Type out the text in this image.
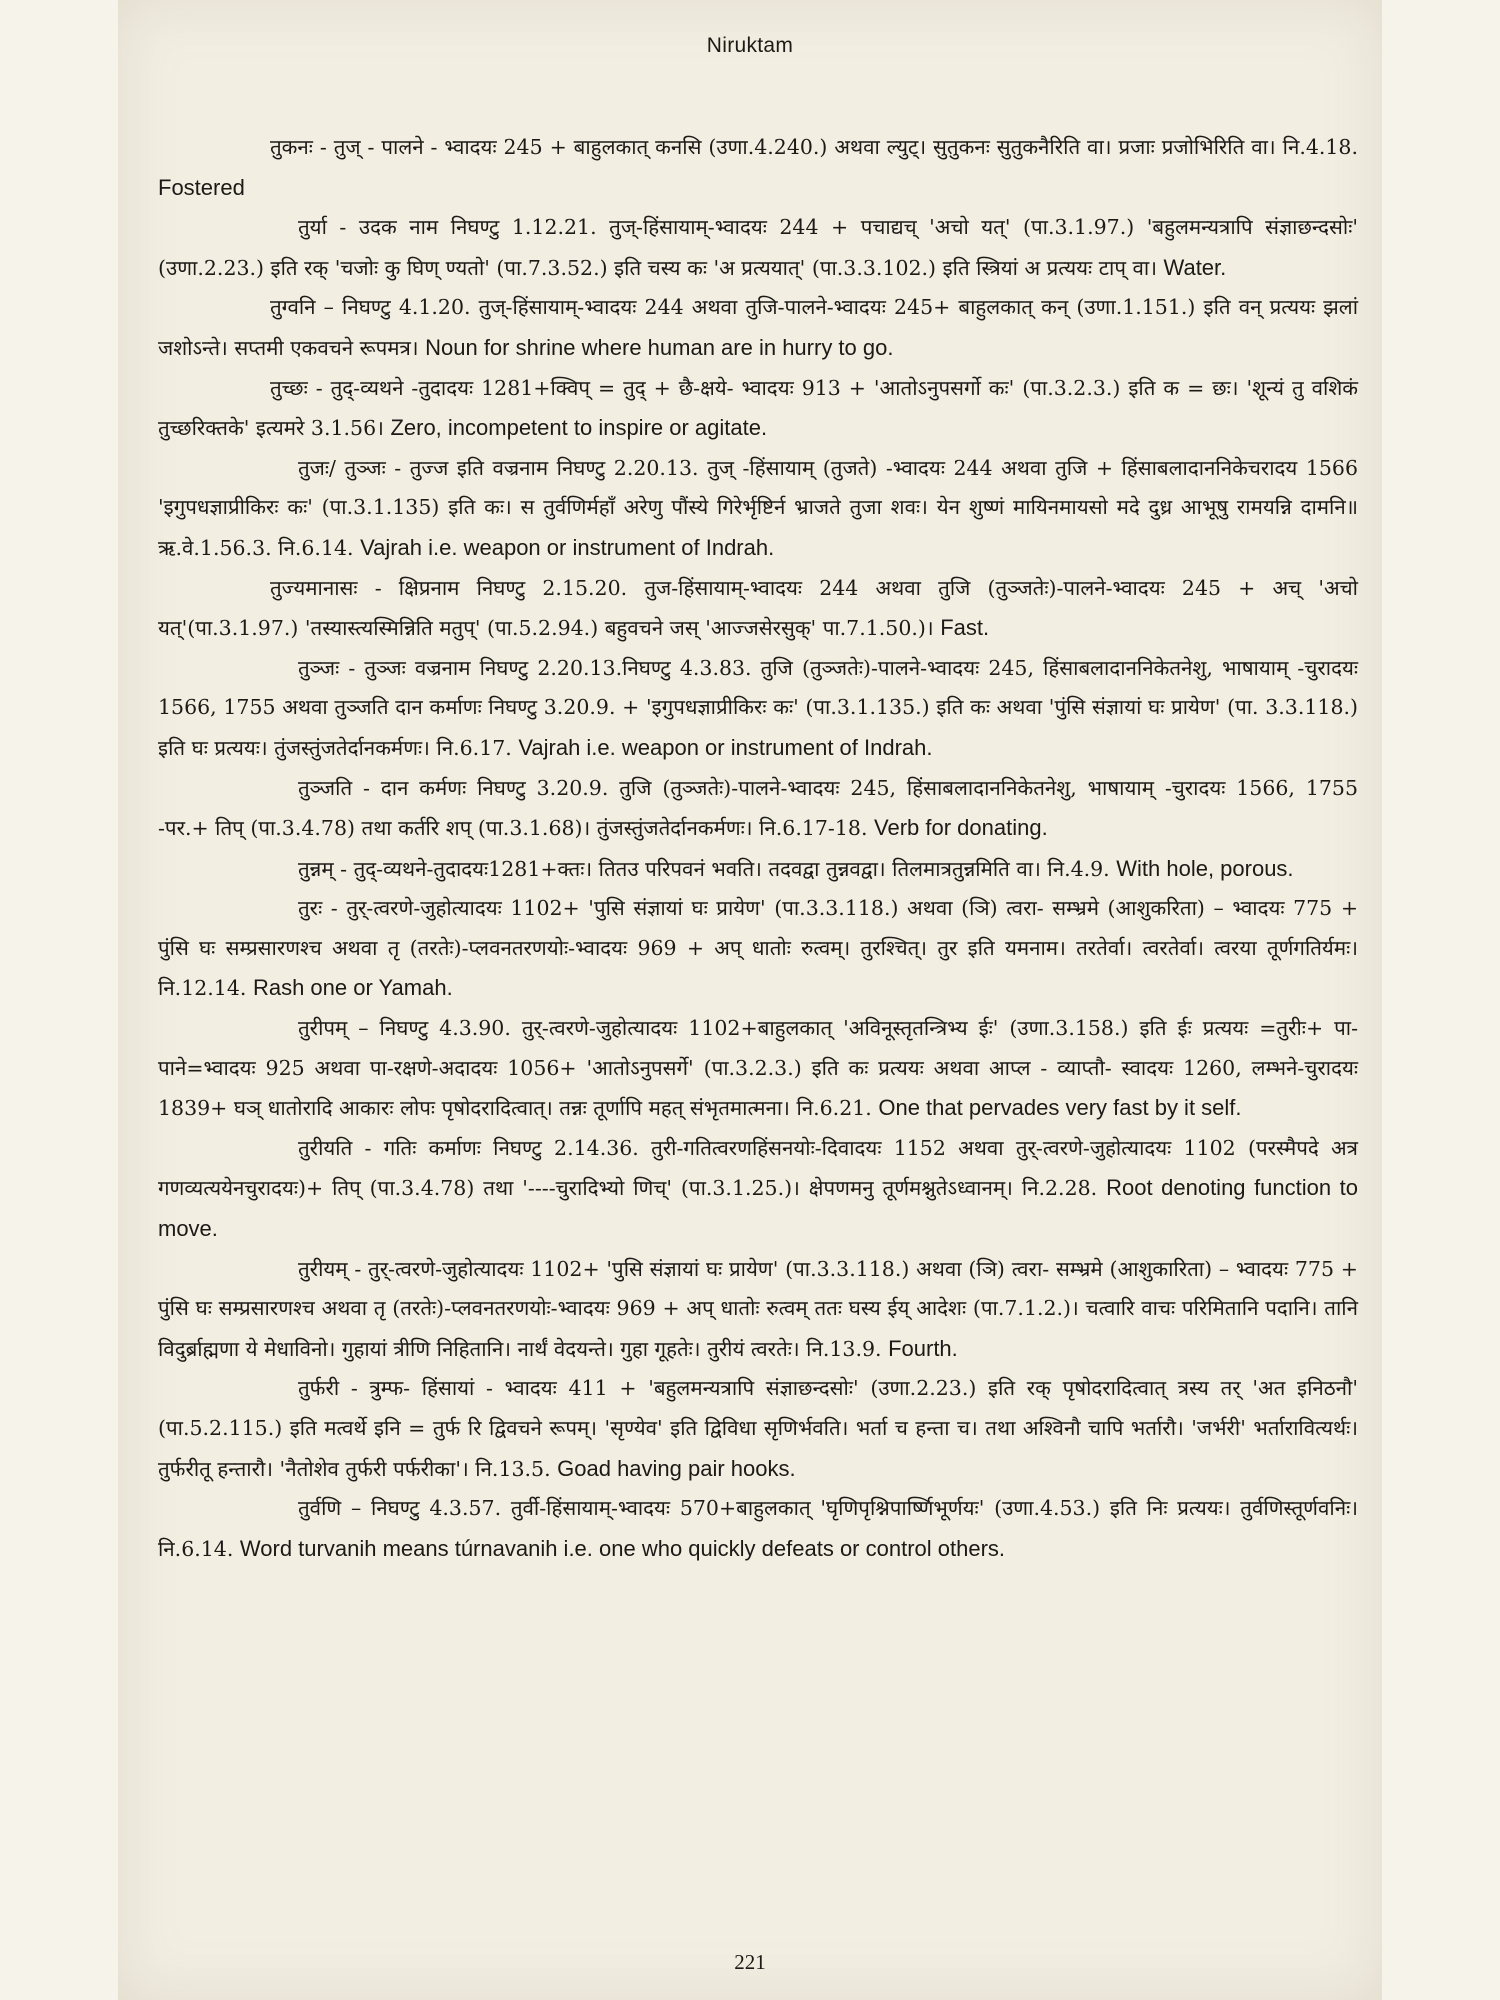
Niruktam

तुकनः - तुज् - पालने - भ्वादयः 245 + बाहुलकात् कनसि (उणा.4.240.) अथवा ल्युट्। सुतुकनः सुतुकनैरिति वा। प्रजाः प्रजोभिरिति वा। नि.4.18. Fostered

तुर्या - उदक नाम निघण्टु 1.12.21. तुज्-हिंसायाम्-भ्वादयः 244 + पचाद्यच् 'अचो यत्' (पा.3.1.97.) 'बहुलमन्यत्रापि संज्ञाछन्दसोः' (उणा.2.23.) इति रक् 'चजोः कु घिण् ण्यतो' (पा.7.3.52.) इति चस्य कः 'अ प्रत्ययात्' (पा.3.3.102.) इति स्त्रियां अ प्रत्ययः टाप् वा। Water.

तुग्वनि – निघण्टु 4.1.20. तुज्-हिंसायाम्-भ्वादयः 244 अथवा तुजि-पालने-भ्वादयः 245+ बाहुलकात् कन् (उणा.1.151.) इति वन् प्रत्ययः झलां जशोऽन्ते। सप्तमी एकवचने रूपमत्र। Noun for shrine where human are in hurry to go.

तुच्छः - तुद्-व्यथने -तुदादयः 1281+क्विप् = तुद् + छै-क्षये- भ्वादयः 913 + 'आतोऽनुपसर्गो कः' (पा.3.2.3.) इति क = छः। 'शून्यं तु वशिकं तुच्छरिक्तके' इत्यमरे 3.1.56। Zero, incompetent to inspire or agitate.

तुजः/ तुञ्जः - तुज्ज इति वज्रनाम निघण्टु 2.20.13. तुज् -हिंसायाम् (तुजते) -भ्वादयः 244 अथवा तुजि + हिंसाबलादाननिकेचरादय 1566 'इगुपधज्ञाप्रीकिरः कः' (पा.3.1.135) इति कः। स तुर्वणिर्महाँ अरेणु पौंस्ये गिरेर्भृष्टिर्न भ्राजते तुजा शवः। येन शुष्णं मायिनमायसो मदे दुध्र आभूषु रामयन्नि दामनि॥ ऋ.वे.1.56.3. नि.6.14. Vajrah i.e. weapon or instrument of Indrah.

तुज्यमानासः - क्षिप्रनाम निघण्टु 2.15.20. तुज-हिंसायाम्-भ्वादयः 244 अथवा तुजि (तुञ्जतेः)-पालने-भ्वादयः 245 + अच् 'अचो यत्'(पा.3.1.97.) 'तस्यास्त्यस्मिन्निति मतुप्' (पा.5.2.94.) बहुवचने जस् 'आज्जसेरसुक्' पा.7.1.50.)। Fast.

तुञ्जः - तुञ्जः वज्रनाम निघण्टु 2.20.13.निघण्टु 4.3.83. तुजि (तुञ्जतेः)-पालने-भ्वादयः 245, हिंसाबलादाननिकेतनेशु, भाषायाम् -चुरादयः 1566, 1755 अथवा तुञ्जति दान कर्माणः निघण्टु 3.20.9. + 'इगुपधज्ञाप्रीकिरः कः' (पा.3.1.135.) इति कः अथवा 'पुंसि संज्ञायां घः प्रायेण' (पा. 3.3.118.) इति घः प्रत्ययः। तुंजस्तुंजतेर्दानकर्मणः। नि.6.17. Vajrah i.e. weapon or instrument of Indrah.

तुञ्जति - दान कर्मणः निघण्टु 3.20.9. तुजि (तुञ्जतेः)-पालने-भ्वादयः 245, हिंसाबलादाननिकेतनेशु, भाषायाम् -चुरादयः 1566, 1755 -पर.+ तिप् (पा.3.4.78) तथा कर्तरि शप् (पा.3.1.68)। तुंजस्तुंजतेर्दानकर्मणः। नि.6.17-18. Verb for donating.

तुन्नम् - तुद्-व्यथने-तुदादयः1281+क्तः। तितउ परिपवनं भवति। तदवद्वा तुन्नवद्वा। तिलमात्रतुन्नमिति वा। नि.4.9. With hole, porous.

तुरः - तुर्-त्वरणे-जुहोत्यादयः 1102+ 'पुसि संज्ञायां घः प्रायेण' (पा.3.3.118.) अथवा (ञि) त्वरा- सम्भ्रमे (आशुकरिता) – भ्वादयः 775 + पुंसि घः सम्प्रसारणश्च अथवा तृ (तरतेः)-प्लवनतरणयोः-भ्वादयः 969 + अप् धातोः रुत्वम्। तुरश्चित्। तुर इति यमनाम। तरतेर्वा। त्वरतेर्वा। त्वरया तूर्णगतिर्यमः। नि.12.14. Rash one or Yamah.

तुरीपम् – निघण्टु 4.3.90. तुर्-त्वरणे-जुहोत्यादयः 1102+बाहुलकात् 'अविनूस्तृतन्त्रिभ्य ईः' (उणा.3.158.) इति ईः प्रत्ययः =तुरीः+ पा-पाने=भ्वादयः 925 अथवा पा-रक्षणे-अदादयः 1056+ 'आतोऽनुपसर्गे' (पा.3.2.3.) इति कः प्रत्ययः अथवा आप्ल - व्याप्तौ- स्वादयः 1260, लम्भने-चुरादयः 1839+ घञ् धातोरादि आकारः लोपः पृषोदरादित्वात्। तन्नः तूर्णापि महत् संभृतमात्मना। नि.6.21. One that pervades very fast by it self.

तुरीयति - गतिः कर्माणः निघण्टु 2.14.36. तुरी-गतित्वरणहिंसनयोः-दिवादयः 1152 अथवा तुर्-त्वरणे-जुहोत्यादयः 1102 (परस्मैपदे अत्र गणव्यत्ययेनचुरादयः)+ तिप् (पा.3.4.78) तथा '----चुरादिभ्यो णिच्' (पा.3.1.25.)। क्षेपणमनु तूर्णमश्नुतेऽध्वानम्। नि.2.28. Root denoting function to move.

तुरीयम् - तुर्-त्वरणे-जुहोत्यादयः 1102+ 'पुसि संज्ञायां घः प्रायेण' (पा.3.3.118.) अथवा (ञि) त्वरा- सम्भ्रमे (आशुकारिता) – भ्वादयः 775 + पुंसि घः सम्प्रसारणश्च अथवा तृ (तरतेः)-प्लवनतरणयोः-भ्वादयः 969 + अप् धातोः रुत्वम् ततः घस्य ईय् आदेशः (पा.7.1.2.)। चत्वारि वाचः परिमितानि पदानि। तानि विदुर्ब्राह्मणा ये मेधाविनो। गुहायां त्रीणि निहितानि। नार्थं वेदयन्ते। गुहा गूहतेः। तुरीयं त्वरतेः। नि.13.9. Fourth.

तुर्फरी - त्रुम्फ- हिंसायां - भ्वादयः 411 + 'बहुलमन्यत्रापि संज्ञाछन्दसोः' (उणा.2.23.) इति रक् पृषोदरादित्वात् त्रस्य तर् 'अत इनिठनौ' (पा.5.2.115.) इति मत्वर्थे इनि = तुर्फ रि द्विवचने रूपम्। 'सृण्येव' इति द्विविधा सृणिर्भवति। भर्ता च हन्ता च। तथा अश्विनौ चापि भर्तारौ। 'जर्भरी' भर्तारावित्यर्थः। तुर्फरीतू हन्तारौ। 'नैतोशेव तुर्फरी पर्फरीका'। नि.13.5. Goad having pair hooks.

तुर्वणि – निघण्टु 4.3.57. तुर्वी-हिंसायाम्-भ्वादयः 570+बाहुलकात् 'घृणिपृश्निपार्ष्णिभूर्णयः' (उणा.4.53.) इति निः प्रत्ययः। तुर्वणिस्तूर्णवनिः। नि.6.14. Word turvanih means túrnavanih i.e. one who quickly defeats or control others.

221
